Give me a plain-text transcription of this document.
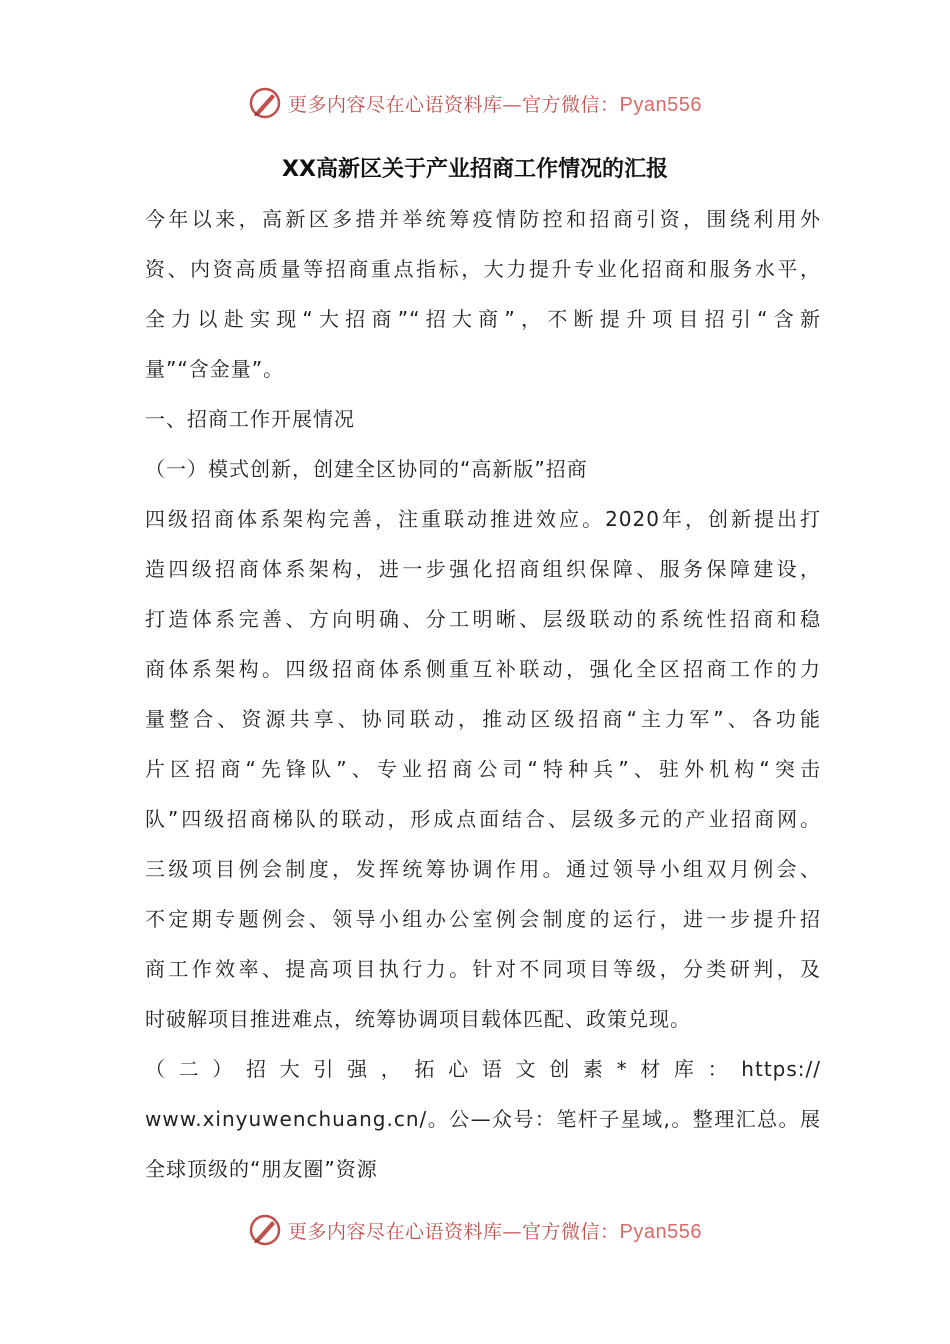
更多内容尽在心语资料库—官方微信：Pyan556
XX高新区关于产业招商工作情况的汇报
今年以来，高新区多措并举统筹疫情防控和招商引资，围绕利用外
资、内资高质量等招商重点指标，大力提升专业化招商和服务水平，
全力以赴实现“大招商”“招大商”，不断提升项目招引“含新
量”“含金量”。
一、招商工作开展情况
（一）模式创新，创建全区协同的“高新版”招商
四级招商体系架构完善，注重联动推进效应。2020年，创新提出打
造四级招商体系架构，进一步强化招商组织保障、服务保障建设，
打造体系完善、方向明确、分工明晰、层级联动的系统性招商和稳
商体系架构。四级招商体系侧重互补联动，强化全区招商工作的力
量整合、资源共享、协同联动，推动区级招商“主力军”、各功能
片区招商“先锋队”、专业招商公司“特种兵”、驻外机构“突击
队”四级招商梯队的联动，形成点面结合、层级多元的产业招商网。
三级项目例会制度，发挥统筹协调作用。通过领导小组双月例会、
不定期专题例会、领导小组办公室例会制度的运行，进一步提升招
商工作效率、提高项目执行力。针对不同项目等级，分类研判，及
时破解项目推进难点，统筹协调项目载体匹配、政策兑现。
（二）招大引强，拓心语文创素*材库：https://
www.xinyuwenchuang.cn/。公—众号：笔杆子星域,。整理汇总。展
全球顶级的“朋友圈”资源
更多内容尽在心语资料库—官方微信：Pyan556
